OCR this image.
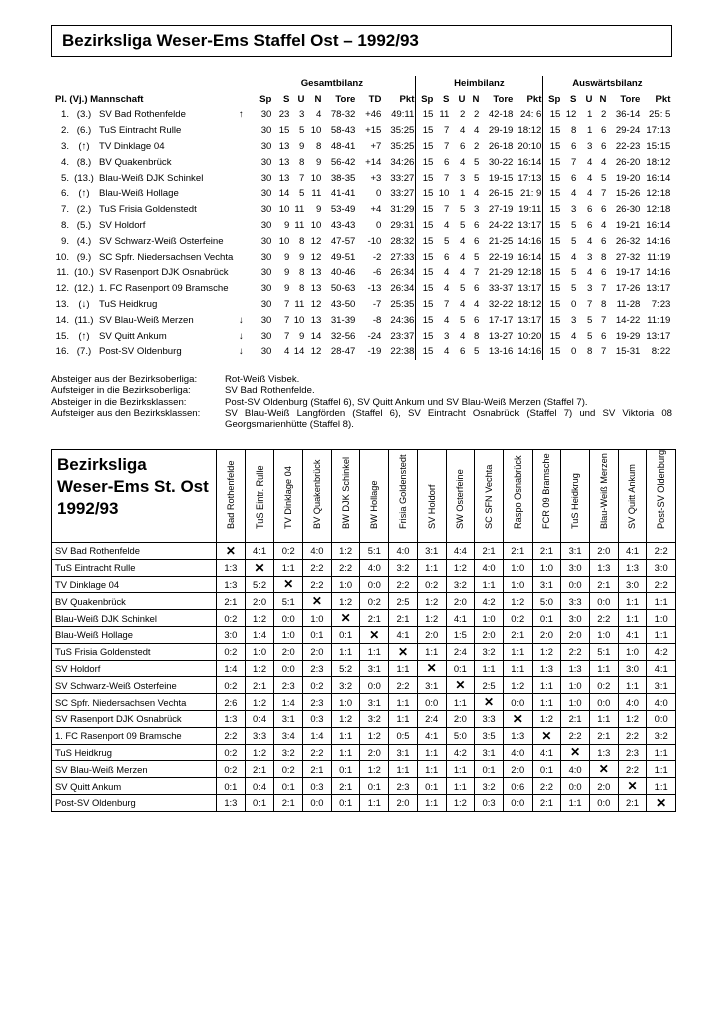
Bezirksliga Weser-Ems Staffel Ost – 1992/93
				Gesamtbilanz							Heimbilanz						Auswärtsbilanz					
Pl. (Vj.) Mannschaft				Sp	S	U	N	Tore	TD	Pkt	Sp	S	U	N	Tore	Pkt	Sp	S	U	N	Tore	Pkt
1.	(3.)	SV Bad Rothenfelde	↑	30	23	3	4	78-32	+46	49:11	15	11	2	2	42-18	24: 6	15	12	1	2	36-14	25: 5
2.	(6.)	TuS Eintracht Rulle		30	15	5	10	58-43	+15	35:25	15	7	4	4	29-19	18:12	15	8	1	6	29-24	17:13
3.	(↑)	TV Dinklage 04		30	13	9	8	48-41	+7	35:25	15	7	6	2	26-18	20:10	15	6	3	6	22-23	15:15
4.	(8.)	BV Quakenbrück		30	13	8	9	56-42	+14	34:26	15	6	4	5	30-22	16:14	15	7	4	4	26-20	18:12
5.	(13.)	Blau-Weiß DJK Schinkel		30	13	7	10	38-35	+3	33:27	15	7	3	5	19-15	17:13	15	6	4	5	19-20	16:14
6.	(↑)	Blau-Weiß Hollage		30	14	5	11	41-41	0	33:27	15	10	1	4	26-15	21: 9	15	4	4	7	15-26	12:18
7.	(2.)	TuS Frisia Goldenstedt		30	10	11	9	53-49	+4	31:29	15	7	5	3	27-19	19:11	15	3	6	6	26-30	12:18
8.	(5.)	SV Holdorf		30	9	11	10	43-43	0	29:31	15	4	5	6	24-22	13:17	15	5	6	4	19-21	16:14
9.	(4.)	SV Schwarz-Weiß Osterfeine		30	10	8	12	47-57	-10	28:32	15	5	4	6	21-25	14:16	15	5	4	6	26-32	14:16
10.	(9.)	SC Spfr. Niedersachsen Vechta		30	9	9	12	49-51	-2	27:33	15	6	4	5	22-19	16:14	15	4	3	8	27-32	11:19
11.	(10.)	SV Rasenport DJK Osnabrück		30	9	8	13	40-46	-6	26:34	15	4	4	7	21-29	12:18	15	5	4	6	19-17	14:16
12.	(12.)	1. FC Rasenport 09 Bramsche		30	9	8	13	50-63	-13	26:34	15	4	5	6	33-37	13:17	15	5	3	7	17-26	13:17
13.	(↓)	TuS Heidkrug		30	7	11	12	43-50	-7	25:35	15	7	4	4	32-22	18:12	15	0	7	8	11-28	7:23
14.	(11.)	SV Blau-Weiß Merzen	↓	30	7	10	13	31-39	-8	24:36	15	4	5	6	17-17	13:17	15	3	5	7	14-22	11:19
15.	(↑)	SV Quitt Ankum	↓	30	7	9	14	32-56	-24	23:37	15	3	4	8	13-27	10:20	15	4	5	6	19-29	13:17
16.	(7.)	Post-SV Oldenburg	↓	30	4	14	12	28-47	-19	22:38	15	4	6	5	13-16	14:16	15	0	8	7	15-31	8:22
Absteiger aus der Bezirksoberliga:	Rot-Weiß Visbek.
Aufsteiger in die Bezirksoberliga:	SV Bad Rothenfelde.
Absteiger in die Bezirksklassen:	Post-SV Oldenburg (Staffel 6), SV Quitt Ankum und SV Blau-Weiß Merzen (Staffel 7).
Aufsteiger aus den Bezirksklassen:	SV Blau-Weiß Langförden (Staffel 6), SV Eintracht Osnabrück (Staffel 7) und SV Viktoria 08 Georgsmarienhütte (Staffel 8).
Bezirksliga
Weser-Ems St. Ost
1992/93	Bad Rothenfelde	TuS Eintr. Rulle	TV Dinklage 04	BV Quakenbrück	BW DJK Schinkel	BW Hollage	Frisia Goldenstedt	SV Holdorf	SW Osterfeine	SC SFN Vechta	Raspo Osnabrück	FCR 09 Bramsche	TuS Heidkrug	Blau-Weiß Merzen	SV Quitt Ankum	Post-SV Oldenburg

SV Bad Rothenfelde	✕	4:1	0:2	4:0	1:2	5:1	4:0	3:1	4:4	2:1	2:1	2:1	3:1	2:0	4:1	2:2
TuS Eintracht Rulle	1:3	✕	1:1	2:2	2:2	4:0	3:2	1:1	1:2	4:0	1:0	1:0	3:0	1:3	1:3	3:0
TV Dinklage 04	1:3	5:2	✕	2:2	1:0	0:0	2:2	0:2	3:2	1:1	1:0	3:1	0:0	2:1	3:0	2:2
BV Quakenbrück	2:1	2:0	5:1	✕	1:2	0:2	2:5	1:2	2:0	4:2	1:2	5:0	3:3	0:0	1:1	1:1
Blau-Weiß DJK Schinkel	0:2	1:2	0:0	1:0	✕	2:1	2:1	1:2	4:1	1:0	0:2	0:1	3:0	2:2	1:1	1:0
Blau-Weiß Hollage	3:0	1:4	1:0	0:1	0:1	✕	4:1	2:0	1:5	2:0	2:1	2:0	2:0	1:0	4:1	1:1
TuS Frisia Goldenstedt	0:2	1:0	2:0	2:0	1:1	1:1	✕	1:1	2:4	3:2	1:1	1:2	2:2	5:1	1:0	4:2
SV Holdorf	1:4	1:2	0:0	2:3	5:2	3:1	1:1	✕	0:1	1:1	1:1	1:3	1:3	1:1	3:0	4:1
SV Schwarz-Weiß Osterfeine	0:2	2:1	2:3	0:2	3:2	0:0	2:2	3:1	✕	2:5	1:2	1:1	1:0	0:2	1:1	3:1
SC Spfr. Niedersachsen Vechta	2:6	1:2	1:4	2:3	1:0	3:1	1:1	0:0	1:1	✕	0:0	1:1	1:0	0:0	4:0	4:0
SV Rasenport DJK Osnabrück	1:3	0:4	3:1	0:3	1:2	3:2	1:1	2:4	2:0	3:3	✕	1:2	2:1	1:1	1:2	0:0
1. FC Rasenport 09 Bramsche	2:2	3:3	3:4	1:4	1:1	1:2	0:5	4:1	5:0	3:5	1:3	✕	2:2	2:1	2:2	3:2
TuS Heidkrug	0:2	1:2	3:2	2:2	1:1	2:0	3:1	1:1	4:2	3:1	4:0	4:1	✕	1:3	2:3	1:1
SV Blau-Weiß Merzen	0:2	2:1	0:2	2:1	0:1	1:2	1:1	1:1	1:1	0:1	2:0	0:1	4:0	✕	2:2	1:1
SV Quitt Ankum	0:1	0:4	0:1	0:3	2:1	0:1	2:3	0:1	1:1	3:2	0:6	2:2	0:0	2:0	✕	1:1
Post-SV Oldenburg	1:3	0:1	2:1	0:0	0:1	1:1	2:0	1:1	1:2	0:3	0:0	2:1	1:1	0:0	2:1	✕
